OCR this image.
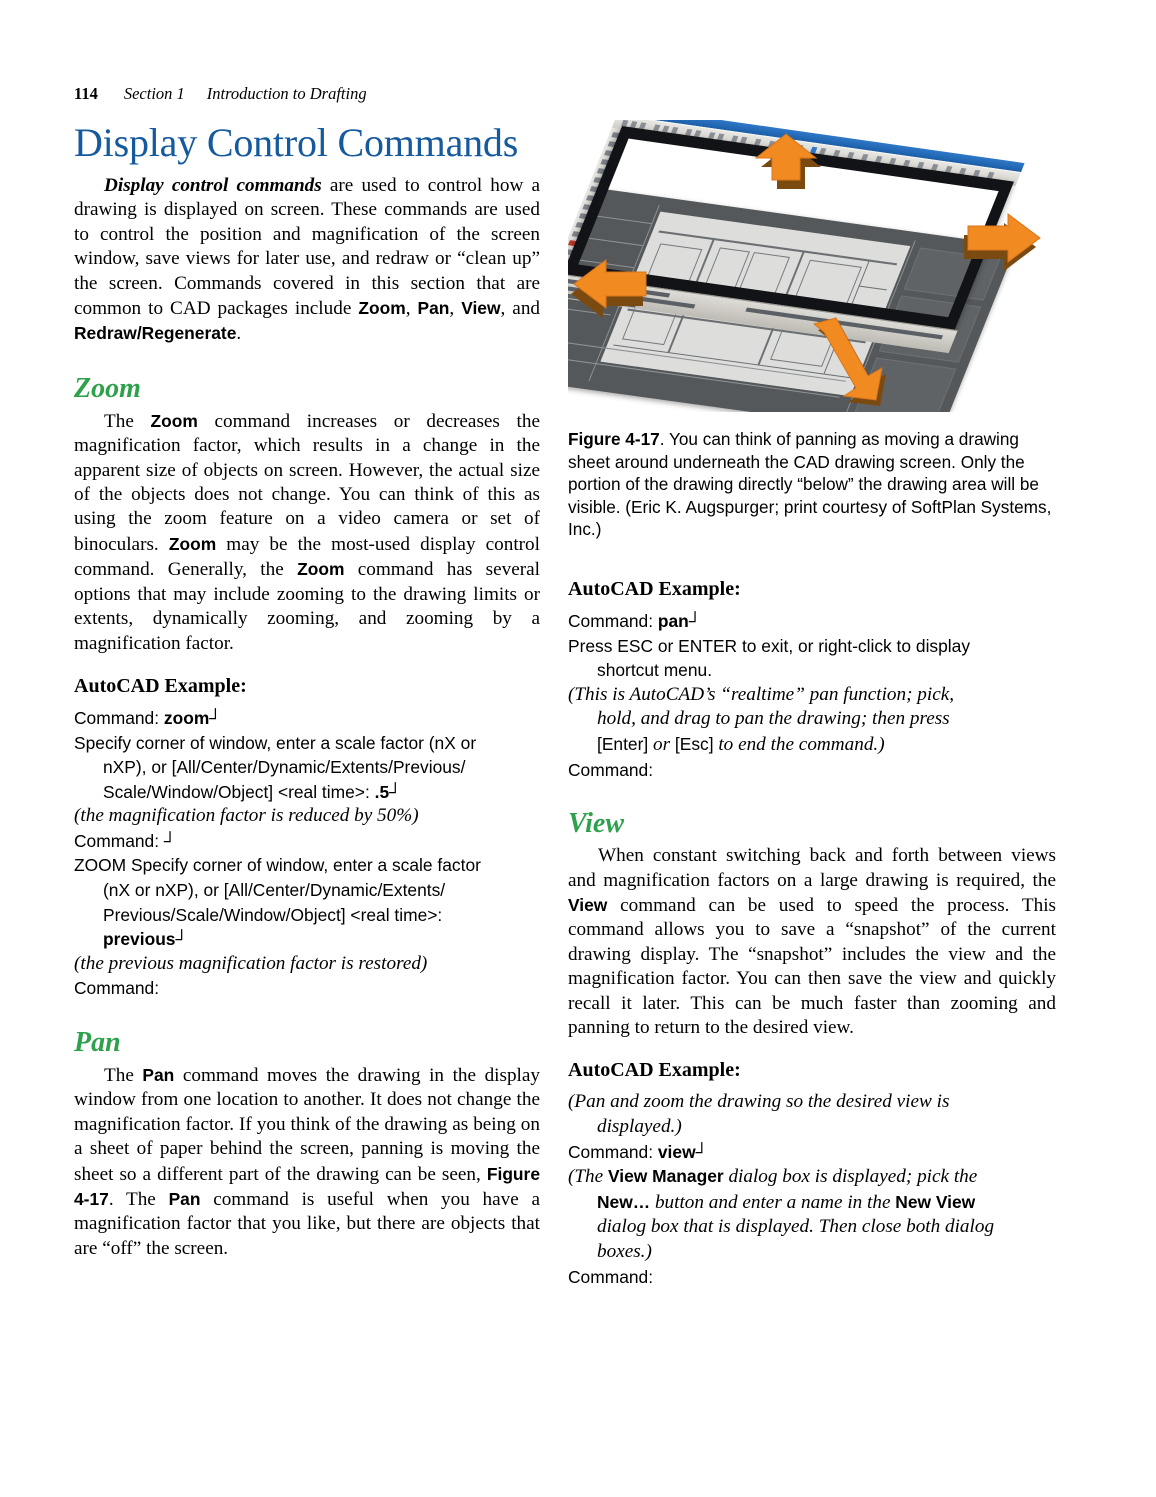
114 Section 1 Introduction to Drafting
Display Control Commands

Display control commands are used to control how a drawing is displayed on screen. These commands are used to control the position and magnification of the screen window, save views for later use, and redraw or “clean up” the screen. Commands covered in this section that are common to CAD packages include Zoom, Pan, View, and Redraw/Regenerate.

Zoom

The Zoom command increases or decreases the magnification factor, which results in a change in the apparent size of objects on screen. However, the actual size of the objects does not change. You can think of this as using the zoom feature on a video camera or set of binoculars. Zoom may be the most-used display control command. Generally, the Zoom command has several options that may include zooming to the drawing limits or extents, dynamically zooming, and zooming by a magnification factor.

AutoCAD Example:
Command: zoom┘
Specify corner of window, enter a scale factor (nX or
nXP), or [All/Center/Dynamic/Extents/Previous/
Scale/Window/Object] <real time>: .5┘
(the magnification factor is reduced by 50%)
Command: ┘
ZOOM Specify corner of window, enter a scale factor
(nX or nXP), or [All/Center/Dynamic/Extents/
Previous/Scale/Window/Object] <real time>:
previous┘
(the previous magnification factor is restored)
Command:
Pan

The Pan command moves the drawing in the display window from one location to another. It does not change the magnification factor. If you think of the drawing as being on a sheet of paper behind the screen, panning is moving the sheet so a different part of the drawing can be seen, Figure 4-17. The Pan command is useful when you have a magnification factor that you like, but there are objects that are “off” the screen.

Figure 4-17. You can think of panning as moving a drawing sheet around underneath the CAD drawing screen. Only the portion of the drawing directly “below” the drawing area will be visible. (Eric K. Augspurger; print courtesy of SoftPlan Systems, Inc.)

AutoCAD Example:
Command: pan┘
Press ESC or ENTER to exit, or right-click to display
shortcut menu.
(This is AutoCAD’s “realtime” pan function; pick,
hold, and drag to pan the drawing; then press
[Enter] or [Esc] to end the command.)
Command:
View

When constant switching back and forth between views and magnification factors on a large drawing is required, the View command can be used to speed the process. This command allows you to save a “snapshot” of the current drawing display. The “snapshot” includes the view and the magnification factor. You can then save the view and quickly recall it later. This can be much faster than zooming and panning to return to the desired view.

AutoCAD Example:
(Pan and zoom the drawing so the desired view is
displayed.)
Command: view┘
(The View Manager dialog box is displayed; pick the
New… button and enter a name in the New View
dialog box that is displayed. Then close both dialog
boxes.)
Command:
